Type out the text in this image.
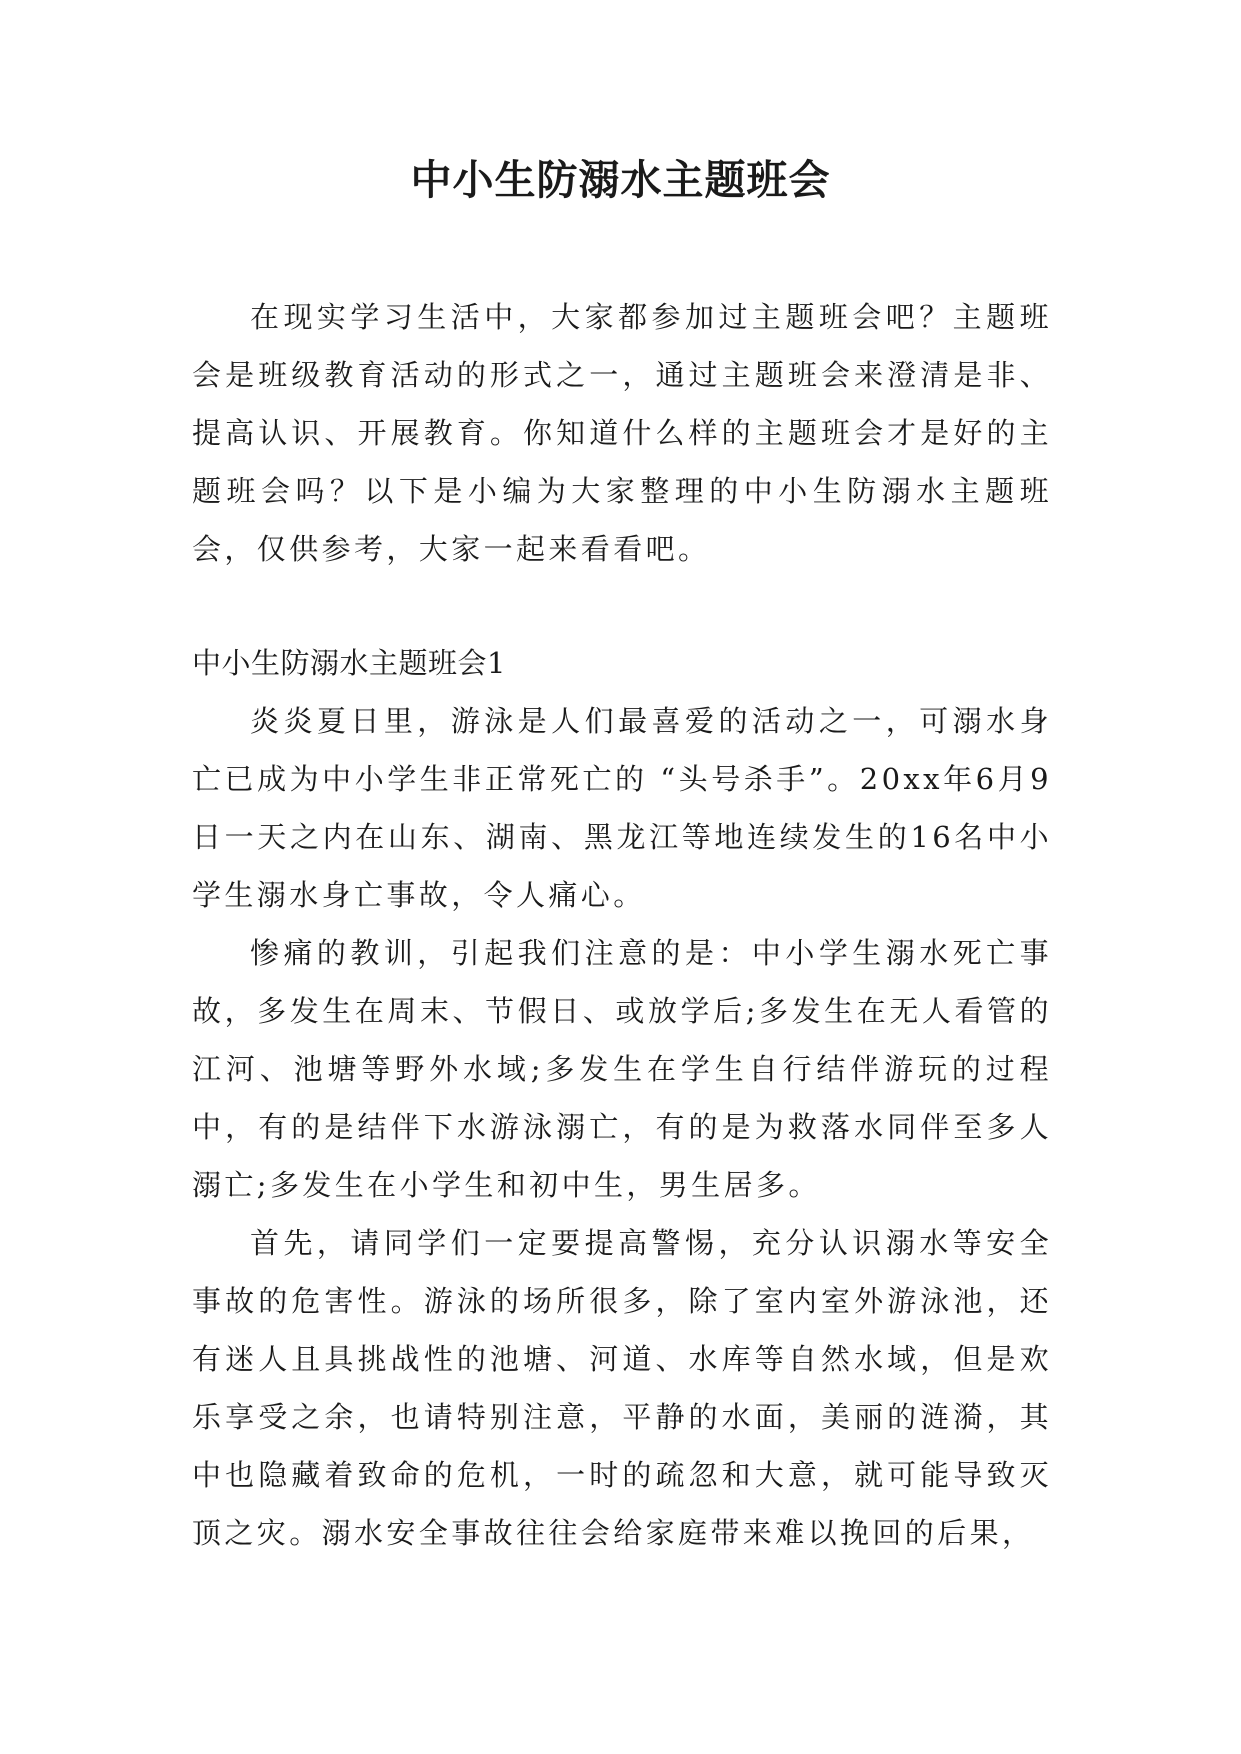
中小生防溺水主题班会

在现实学习生活中，大家都参加过主题班会吧？主题班会是班级教育活动的形式之一，通过主题班会来澄清是非、提高认识、开展教育。你知道什么样的主题班会才是好的主题班会吗？以下是小编为大家整理的中小生防溺水主题班会，仅供参考，大家一起来看看吧。

中小生防溺水主题班会1

炎炎夏日里，游泳是人们最喜爱的活动之一，可溺水身亡已成为中小学生非正常死亡的 “头号杀手”。20xx年6月9日一天之内在山东、湖南、黑龙江等地连续发生的16名中小学生溺水身亡事故，令人痛心。

惨痛的教训，引起我们注意的是：中小学生溺水死亡事故，多发生在周末、节假日、或放学后;多发生在无人看管的江河、池塘等野外水域;多发生在学生自行结伴游玩的过程中，有的是结伴下水游泳溺亡，有的是为救落水同伴至多人溺亡;多发生在小学生和初中生，男生居多。

首先，请同学们一定要提高警惕，充分认识溺水等安全事故的危害性。游泳的场所很多，除了室内室外游泳池，还有迷人且具挑战性的池塘、河道、水库等自然水域，但是欢乐享受之余，也请特别注意，平静的水面，美丽的涟漪，其中也隐藏着致命的危机，一时的疏忽和大意，就可能导致灭顶之灾。溺水安全事故往往会给家庭带来难以挽回的后果，
